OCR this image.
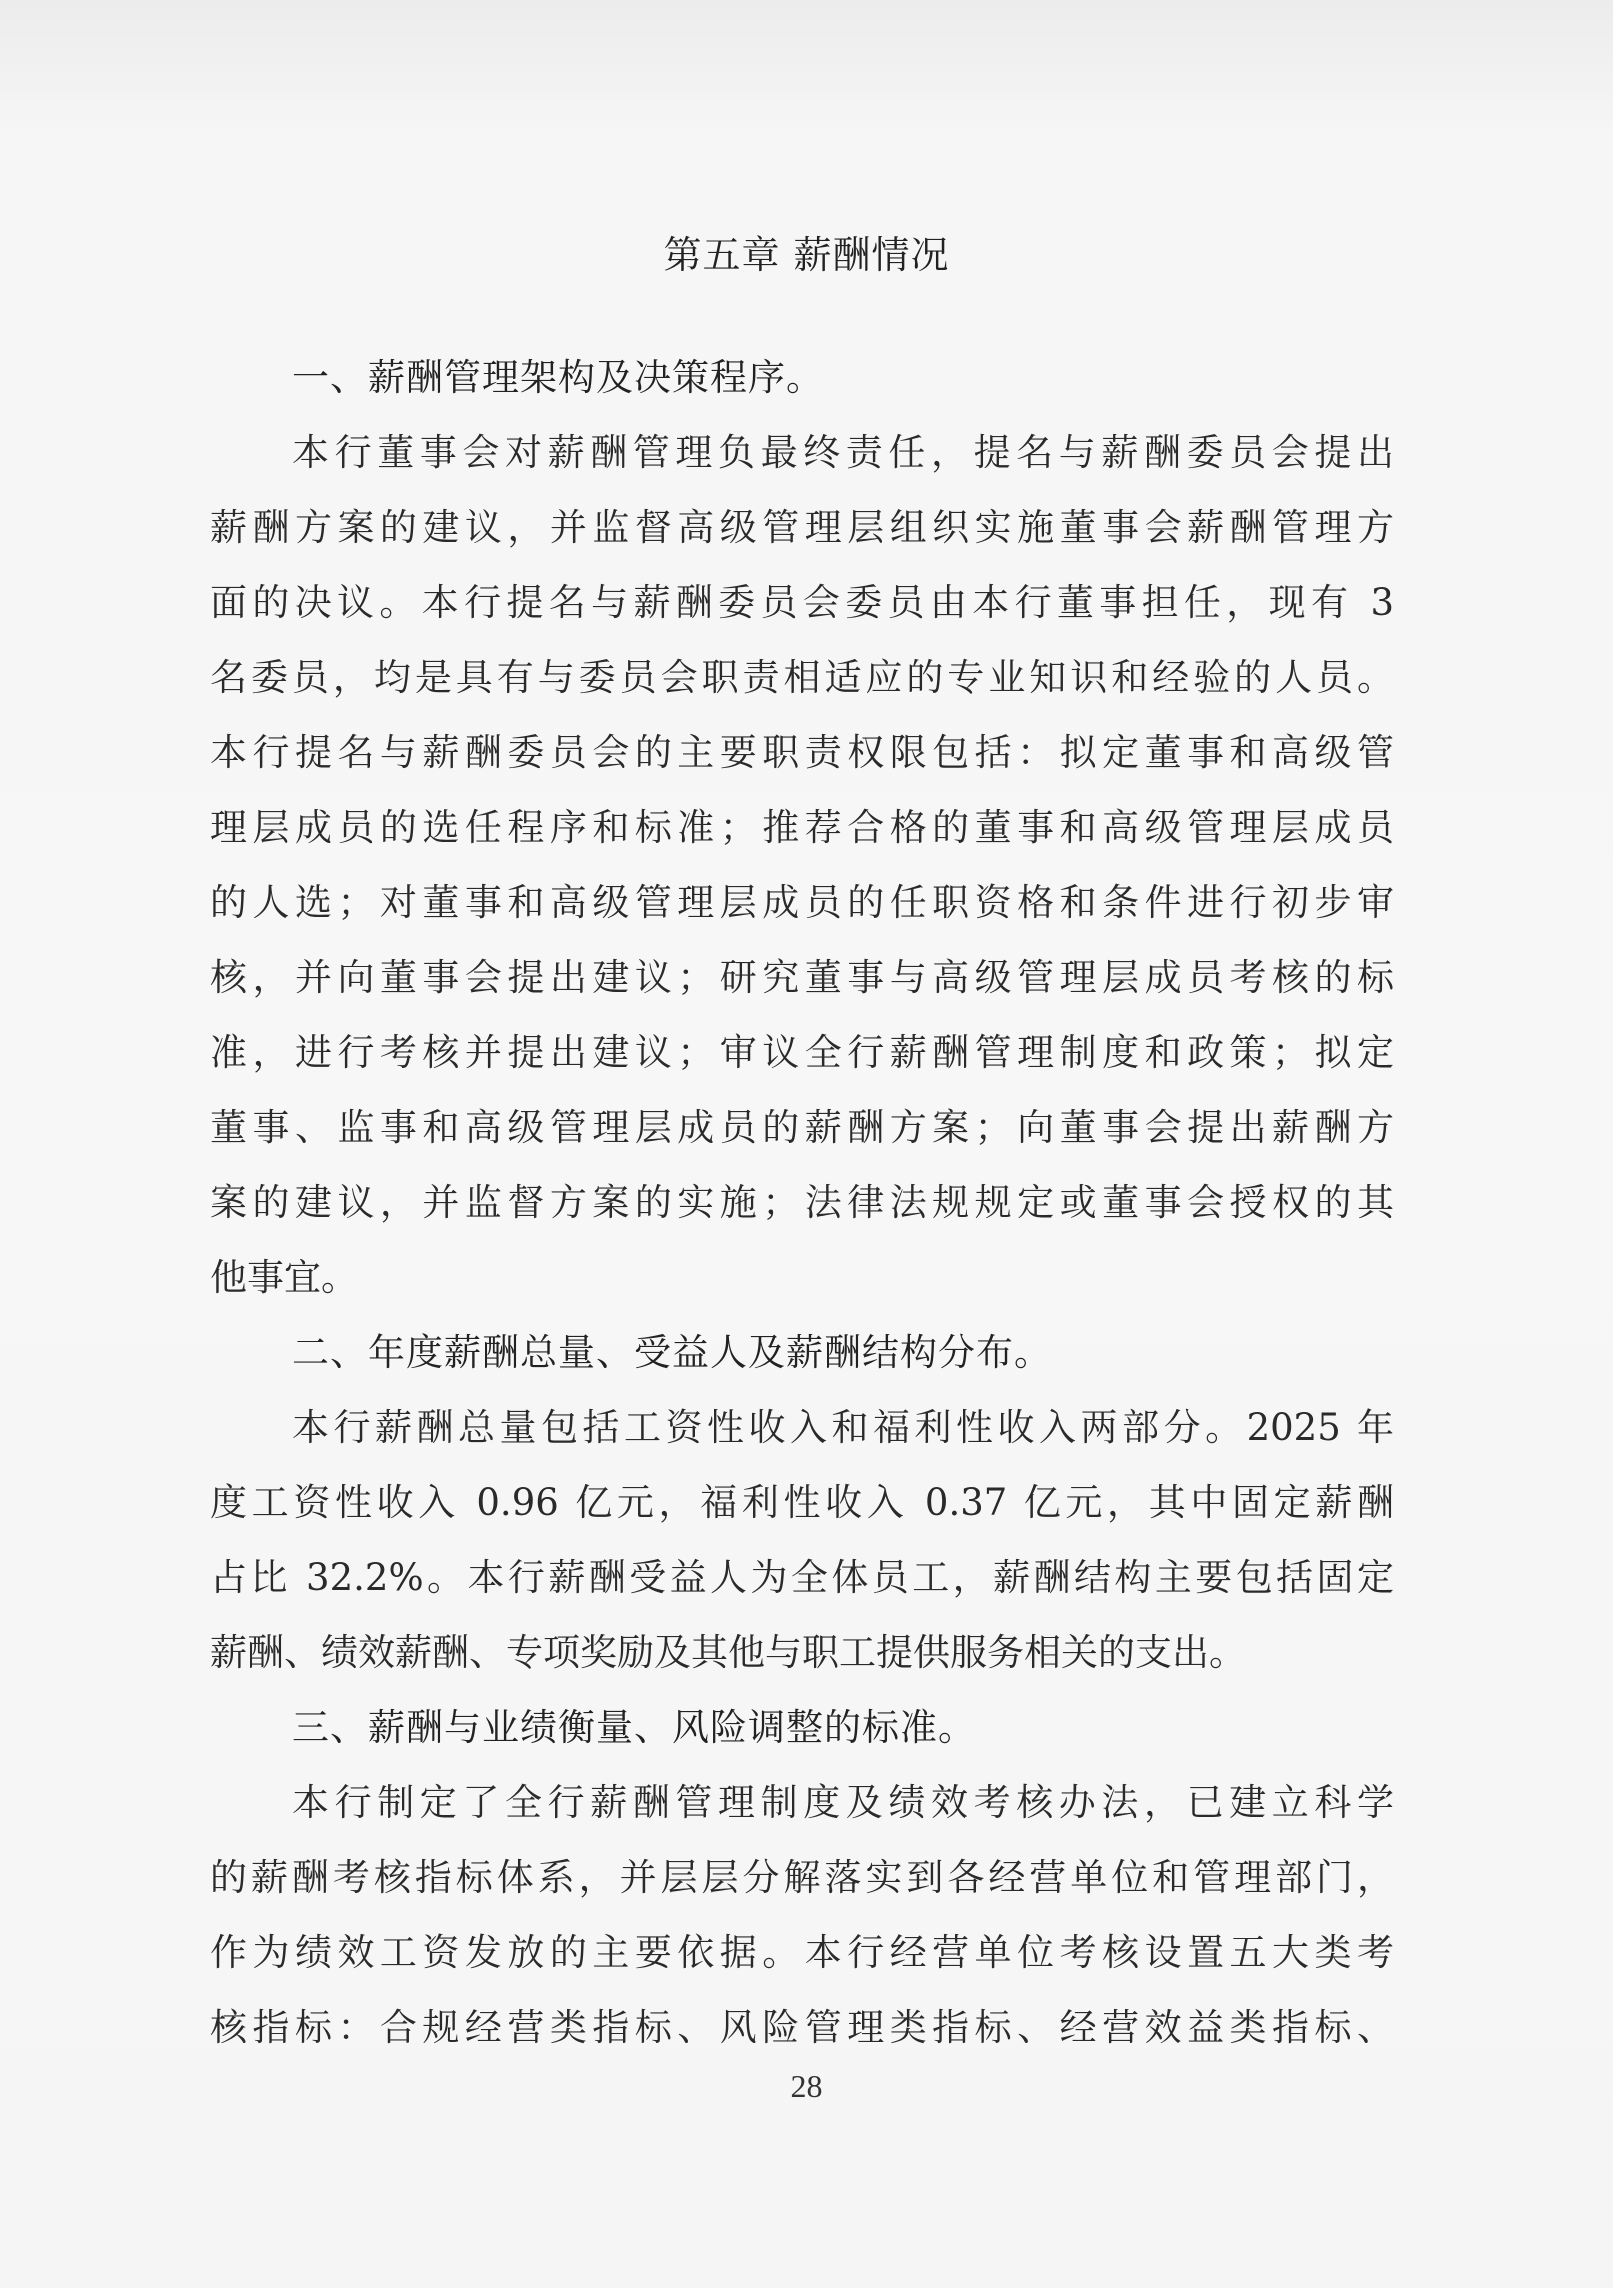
第五章 薪酬情况
一、薪酬管理架构及决策程序。

本行董事会对薪酬管理负最终责任，提名与薪酬委员会提出
薪酬方案的建议，并监督高级管理层组织实施董事会薪酬管理方
面的决议。本行提名与薪酬委员会委员由本行董事担任，现有 3
名委员，均是具有与委员会职责相适应的专业知识和经验的人员。
本行提名与薪酬委员会的主要职责权限包括：拟定董事和高级管
理层成员的选任程序和标准；推荐合格的董事和高级管理层成员
的人选；对董事和高级管理层成员的任职资格和条件进行初步审
核，并向董事会提出建议；研究董事与高级管理层成员考核的标
准，进行考核并提出建议；审议全行薪酬管理制度和政策；拟定
董事、监事和高级管理层成员的薪酬方案；向董事会提出薪酬方
案的建议，并监督方案的实施；法律法规规定或董事会授权的其
他事宜。

二、年度薪酬总量、受益人及薪酬结构分布。

本行薪酬总量包括工资性收入和福利性收入两部分。2025 年
度工资性收入 0.96 亿元，福利性收入 0.37 亿元，其中固定薪酬
占比 32.2%。本行薪酬受益人为全体员工，薪酬结构主要包括固定
薪酬、绩效薪酬、专项奖励及其他与职工提供服务相关的支出。

三、薪酬与业绩衡量、风险调整的标准。

本行制定了全行薪酬管理制度及绩效考核办法，已建立科学
的薪酬考核指标体系，并层层分解落实到各经营单位和管理部门，
作为绩效工资发放的主要依据。本行经营单位考核设置五大类考
核指标：合规经营类指标、风险管理类指标、经营效益类指标、

28
